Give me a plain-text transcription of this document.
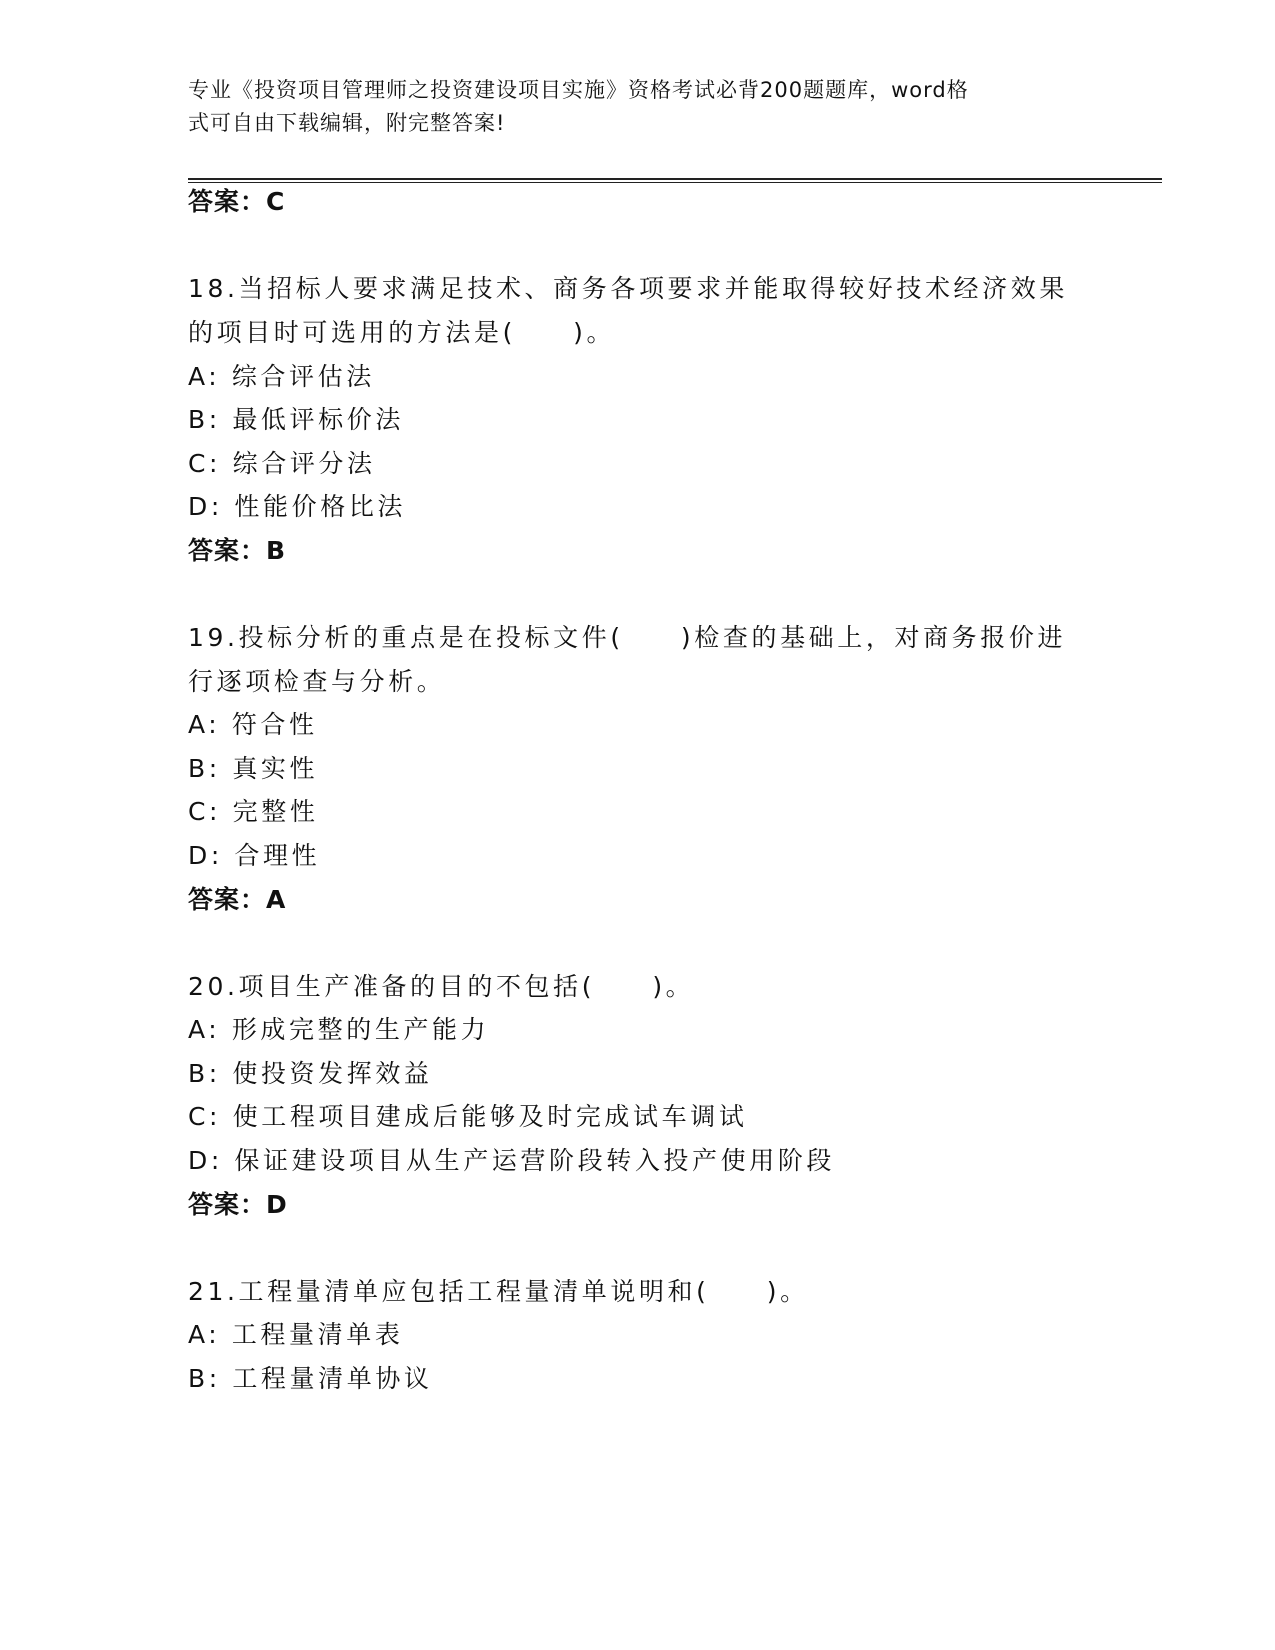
专业《投资项目管理师之投资建设项目实施》资格考试必背200题题库，word格
式可自由下载编辑，附完整答案!

答案：C

18.当招标人要求满足技术、商务各项要求并能取得较好技术经济效果

的项目时可选用的方法是(　　)。

A: 综合评估法

B: 最低评标价法

C: 综合评分法

D: 性能价格比法

答案：B

19.投标分析的重点是在投标文件(　　)检查的基础上，对商务报价进

行逐项检查与分析。

A: 符合性

B: 真实性

C: 完整性

D: 合理性

答案：A

20.项目生产准备的目的不包括(　　)。

A: 形成完整的生产能力

B: 使投资发挥效益

C: 使工程项目建成后能够及时完成试车调试

D: 保证建设项目从生产运营阶段转入投产使用阶段

答案：D

21.工程量清单应包括工程量清单说明和(　　)。

A: 工程量清单表

B: 工程量清单协议
